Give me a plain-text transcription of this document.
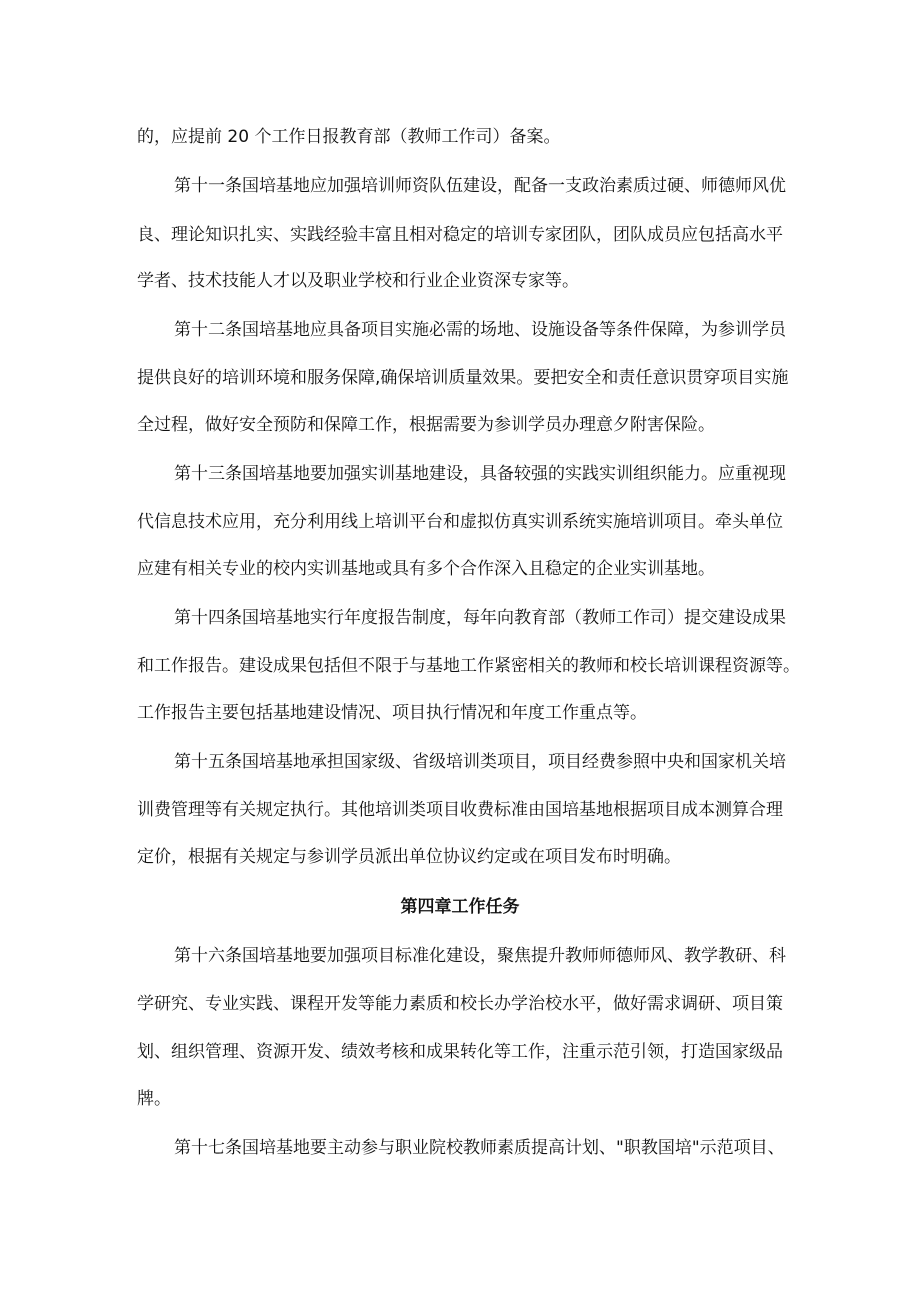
的，应提前 20 个工作日报教育部（教师工作司）备案。
第十一条国培基地应加强培训师资队伍建设，配备一支政治素质过硬、师德师风优
良、理论知识扎实、实践经验丰富且相对稳定的培训专家团队，团队成员应包括高水平
学者、技术技能人才以及职业学校和行业企业资深专家等。
第十二条国培基地应具备项目实施必需的场地、设施设备等条件保障，为参训学员
提供良好的培训环境和服务保障,确保培训质量效果。要把安全和责任意识贯穿项目实施
全过程，做好安全预防和保障工作，根据需要为参训学员办理意夕附害保险。
第十三条国培基地要加强实训基地建设，具备较强的实践实训组织能力。应重视现
代信息技术应用，充分利用线上培训平台和虚拟仿真实训系统实施培训项目。牵头单位
应建有相关专业的校内实训基地或具有多个合作深入且稳定的企业实训基地。
第十四条国培基地实行年度报告制度，每年向教育部（教师工作司）提交建设成果
和工作报告。建设成果包括但不限于与基地工作紧密相关的教师和校长培训课程资源等。
工作报告主要包括基地建设情况、项目执行情况和年度工作重点等。
第十五条国培基地承担国家级、省级培训类项目，项目经费参照中央和国家机关培
训费管理等有关规定执行。其他培训类项目收费标准由国培基地根据项目成本测算合理
定价，根据有关规定与参训学员派出单位协议约定或在项目发布时明确。
第四章工作任务
第十六条国培基地要加强项目标准化建设，聚焦提升教师师德师风、教学教研、科
学研究、专业实践、课程开发等能力素质和校长办学治校水平，做好需求调研、项目策
划、组织管理、资源开发、绩效考核和成果转化等工作，注重示范引领，打造国家级品
牌。
第十七条国培基地要主动参与职业院校教师素质提高计划、"职教国培"示范项目、
